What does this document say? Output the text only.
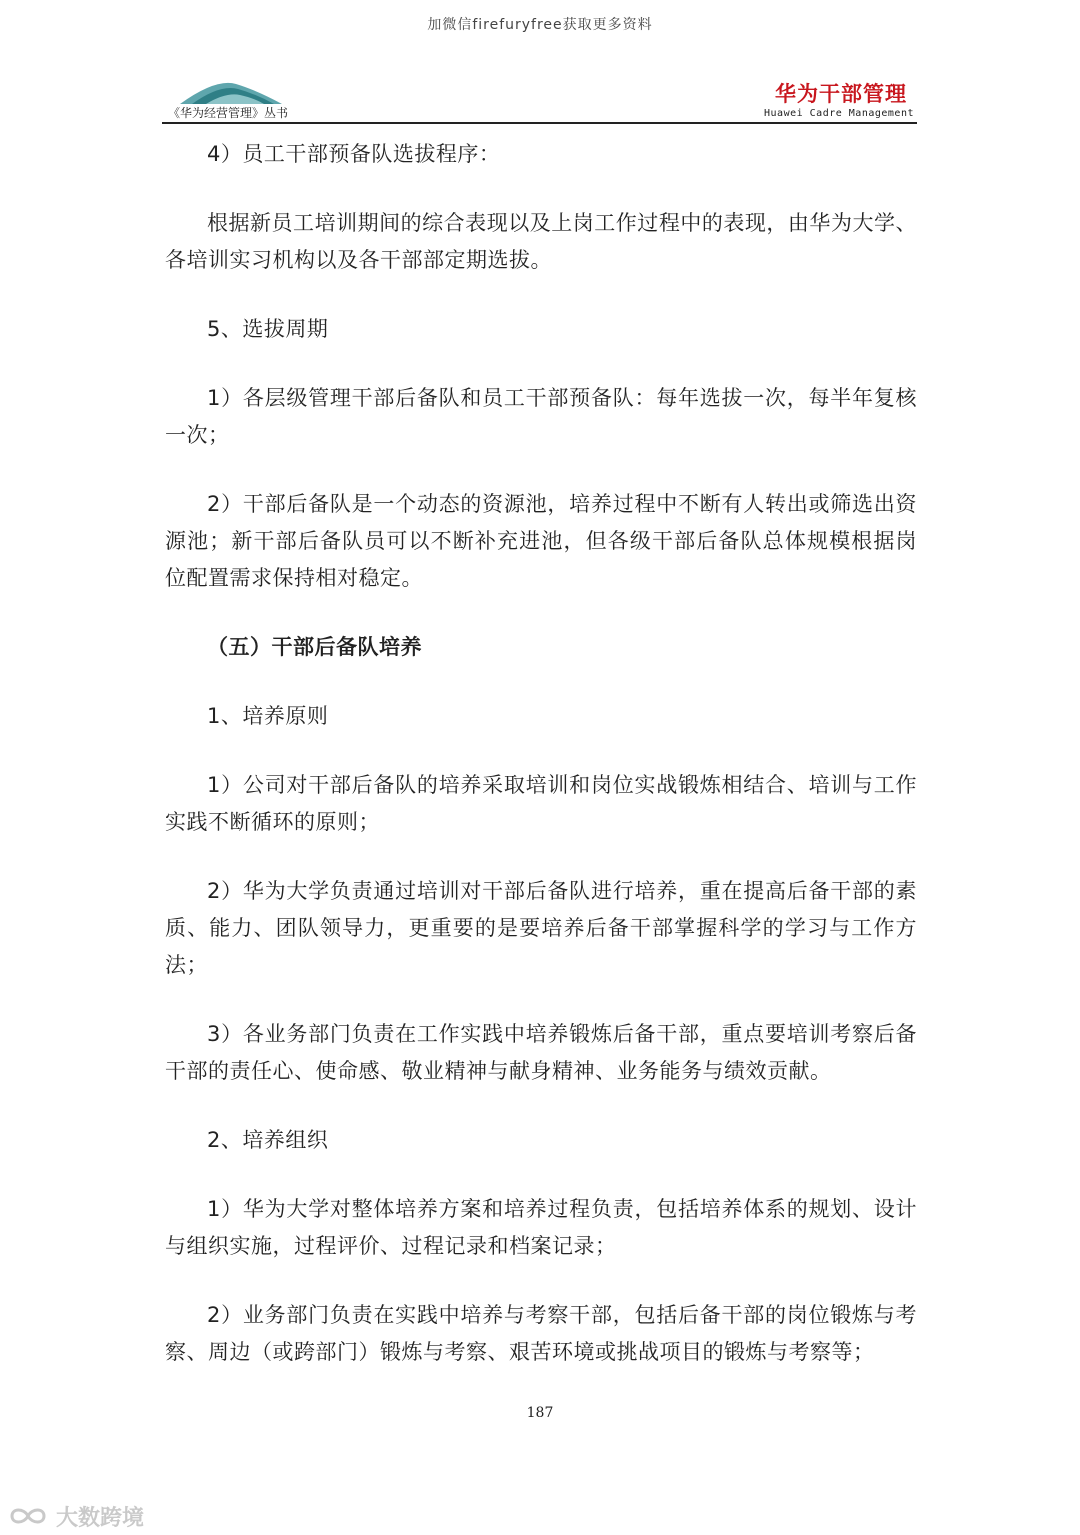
加微信firefuryfree获取更多资料
《华为经营管理》丛书
华为干部管理
Huawei Cadre Management

4）员工干部预备队选拔程序：

根据新员工培训期间的综合表现以及上岗工作过程中的表现，由华为大学、各培训实习机构以及各干部部定期选拔。

5、选拔周期

1）各层级管理干部后备队和员工干部预备队：每年选拔一次，每半年复核一次；

2）干部后备队是一个动态的资源池，培养过程中不断有人转出或筛选出资源池；新干部后备队员可以不断补充进池，但各级干部后备队总体规模根据岗位配置需求保持相对稳定。

（五）干部后备队培养

1、培养原则

1）公司对干部后备队的培养采取培训和岗位实战锻炼相结合、培训与工作实践不断循环的原则；

2）华为大学负责通过培训对干部后备队进行培养，重在提高后备干部的素质、能力、团队领导力，更重要的是要培养后备干部掌握科学的学习与工作方法；

3）各业务部门负责在工作实践中培养锻炼后备干部，重点要培训考察后备干部的责任心、使命感、敬业精神与献身精神、业务能务与绩效贡献。

2、培养组织

1）华为大学对整体培养方案和培养过程负责，包括培养体系的规划、设计与组织实施，过程评价、过程记录和档案记录；

2）业务部门负责在实践中培养与考察干部，包括后备干部的岗位锻炼与考察、周边（或跨部门）锻炼与考察、艰苦环境或挑战项目的锻炼与考察等；

187
大数跨境
